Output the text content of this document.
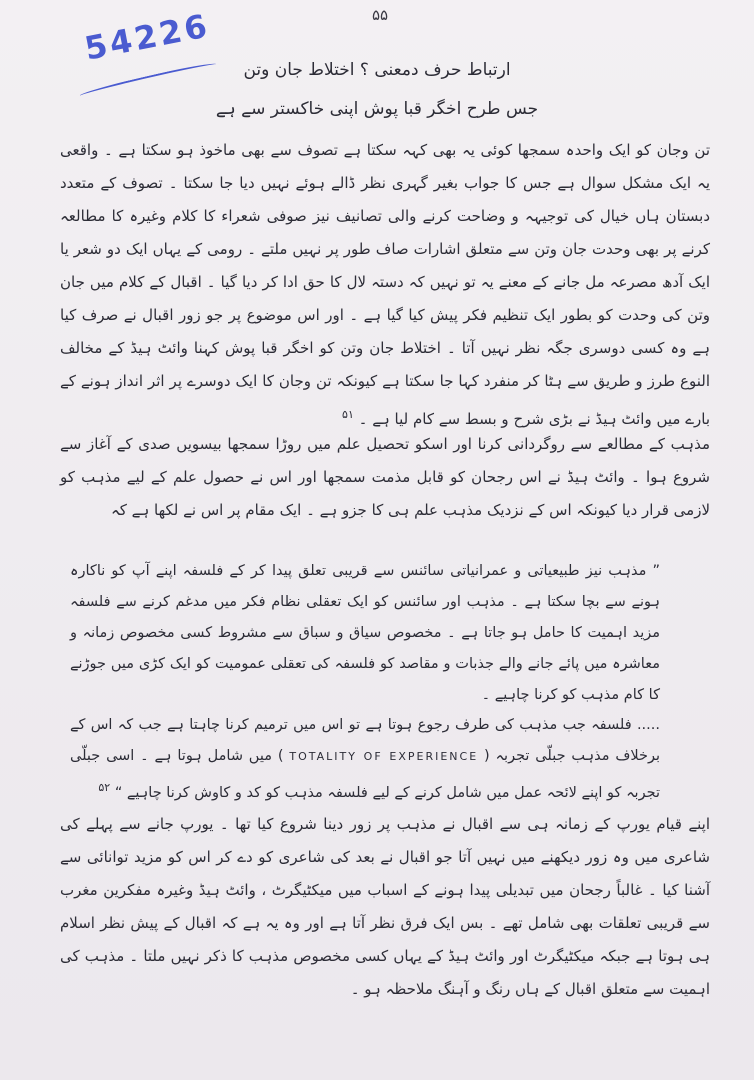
54226	۵۵
ارتباط حرف دمعنی ؟ اختلاط جان وتن
جس طرح اخگر قبا پوش اپنی خاکستر سے ہے
تن وجان کو ایک واحدہ سمجھا کوئی یہ بھی کہہ سکتا ہے تصوف سے بھی ماخوذ ہو سکتا ہے ۔ واقعی یہ ایک مشکل سوال ہے جس کا جواب بغیر گہری نظر ڈالے ہوئے نہیں دیا جا سکتا ۔ تصوف کے متعدد دبستان ہاں خیال کی توجیہہ و وضاحت کرنے والی تصانیف نیز صوفی شعراء کا کلام وغیرہ کا مطالعہ کرنے پر بھی وحدت جان وتن سے متعلق اشارات صاف طور پر نہیں ملتے ۔ رومی کے یہاں ایک دو شعر یا ایک آدھ مصرعہ مل جانے کے معنے یہ تو نہیں کہ دستہ لال کا حق ادا کر دیا گیا ۔ اقبال کے کلام میں جان وتن کی وحدت کو بطور ایک تنظیم فکر پیش کیا گیا ہے ۔ اور اس موضوع پر جو زور اقبال نے صرف کیا ہے وہ کسی دوسری جگہ نظر نہیں آتا ۔ اختلاط جان وتن کو اخگر قبا پوش کہنا وائٹ ہیڈ کے مخالف النوع طرز و طریق سے ہٹا کر منفرد کہا جا سکتا ہے کیونکہ تن وجان کا ایک دوسرے پر اثر انداز ہونے کے بارے میں وائٹ ہیڈ نے بڑی شرح و بسط سے کام لیا ہے ۔ $^{۵۱}$
مذہب کے مطالعے سے روگردانی کرنا اور اسکو تحصیل علم میں روڑا سمجھا بیسویں صدی کے آغاز سے شروع ہوا ۔ وائٹ ہیڈ نے اس رجحان کو قابل مذمت سمجھا اور اس نے حصول علم کے لیے مذہب کو لازمی قرار دیا کیونکہ اس کے نزدیک مذہب علم ہی کا جزو ہے ۔ ایک مقام پر اس نے لکھا ہے کہ
” مذہب نیز طبیعیاتی و عمرانیاتی سائنس سے قریبی تعلق پیدا کر کے فلسفہ اپنے آپ کو ناکارہ ہونے سے بچا سکتا ہے ۔ مذہب اور سائنس کو ایک تعقلی نظام فکر میں مدغم کرنے سے فلسفہ مزید اہمیت کا حامل ہو جاتا ہے ۔ مخصوص سیاق و سباق سے مشروط کسی مخصوص زمانہ و معاشرہ میں پائے جانے والے جذبات و مقاصد کو فلسفہ کی تعقلی عمومیت کو ایک کڑی میں جوڑنے کا کام مذہب کو کرنا چاہیے ۔
..... فلسفہ جب مذہب کی طرف رجوع ہوتا ہے تو اس میں ترمیم کرنا چاہتا ہے جب کہ اس کے برخلاف مذہب جبلّی تجربہ ( TOTALITY OF EXPERIENCE ) میں شامل ہوتا ہے ۔ اسی جبلّی تجربہ کو اپنے لائحہ عمل میں شامل کرنے کے لیے فلسفہ مذہب کو کد و کاوش کرنا چاہیے “ $^{۵۲}$
اپنے قیام یورپ کے زمانہ ہی سے اقبال نے مذہب پر زور دینا شروع کیا تھا ۔ یورپ جانے سے پہلے کی شاعری میں وہ زور دیکھنے میں نہیں آتا جو اقبال نے بعد کی شاعری کو دے کر اس کو مزید توانائی سے آشنا کیا ۔ غالباً رجحان میں تبدیلی پیدا ہونے کے اسباب میں میکٹیگرٹ ، وائٹ ہیڈ وغیرہ مفکرین مغرب سے قریبی تعلقات بھی شامل تھے ۔ بس ایک فرق نظر آتا ہے اور وہ یہ ہے کہ اقبال کے پیش نظر اسلام ہی ہوتا ہے جبکہ میکٹیگرٹ اور وائٹ ہیڈ کے یہاں کسی مخصوص مذہب کا ذکر نہیں ملتا ۔ مذہب کی اہمیت سے متعلق اقبال کے ہاں رنگ و آہنگ ملاحظہ ہو ۔
